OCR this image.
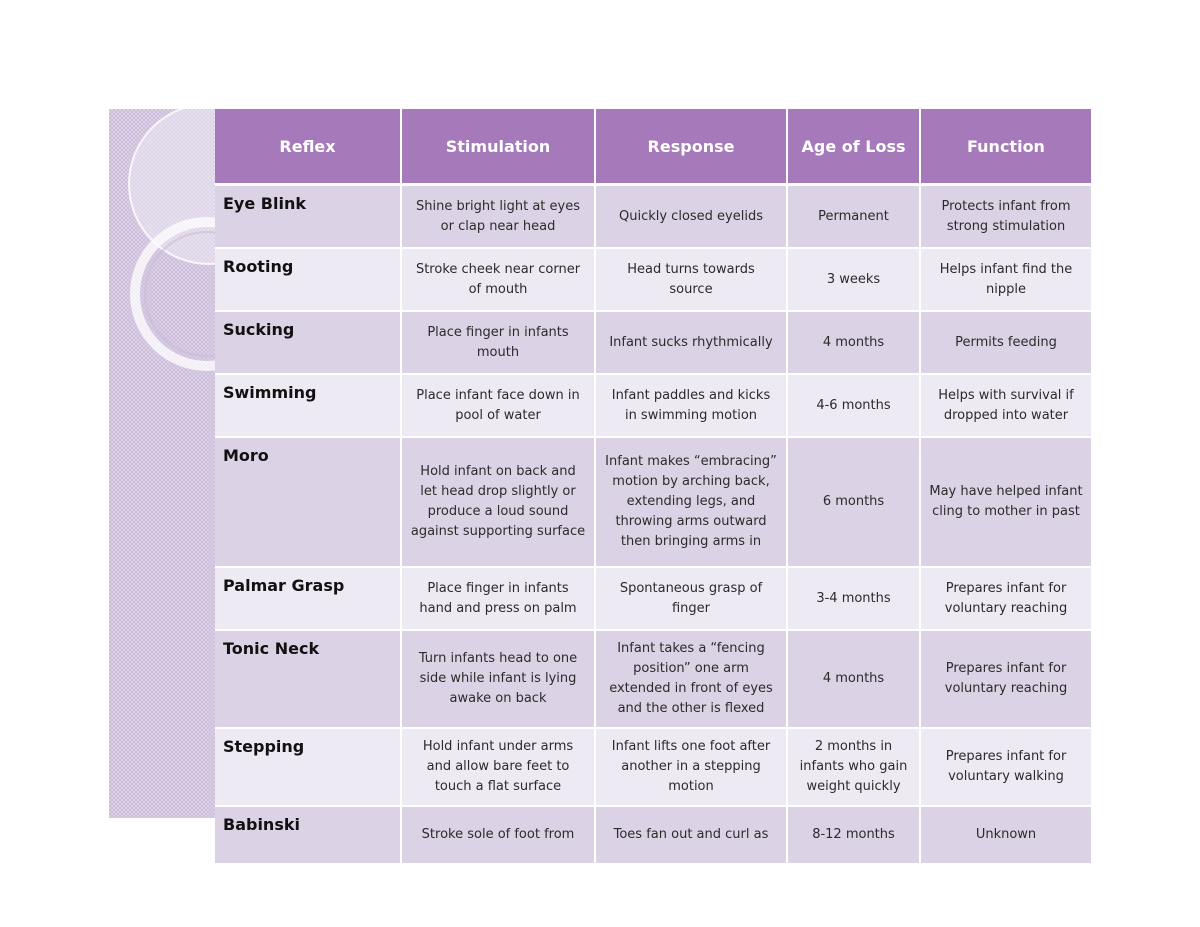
Reflex	Stimulation	Response	Age of Loss	Function
Eye Blink	Shine bright light at eyes or clap near head	Quickly closed eyelids	Permanent	Protects infant from strong stimulation
Rooting	Stroke cheek near corner of mouth	Head turns towards source	3 weeks	Helps infant find the nipple
Sucking	Place finger in infants mouth	Infant sucks rhythmically	4 months	Permits feeding
Swimming	Place infant face down in pool of water	Infant paddles and kicks in swimming motion	4-6 months	Helps with survival if dropped into water
Moro	Hold infant on back and let head drop slightly or produce a loud sound against supporting surface	Infant makes “embracing” motion by arching back, extending legs, and throwing arms outward then bringing arms in	6 months	May have helped infant cling to mother in past
Palmar Grasp	Place finger in infants hand and press on palm	Spontaneous grasp of finger	3-4 months	Prepares infant for voluntary reaching
Tonic Neck	Turn infants head to one side while infant is lying awake on back	Infant takes a “fencing position” one arm extended in front of eyes and the other is flexed	4 months	Prepares infant for voluntary reaching
Stepping	Hold infant under arms and allow bare feet to touch a flat surface	Infant lifts one foot after another in a stepping motion	2 months in infants who gain weight quickly	Prepares infant for voluntary walking
Babinski	Stroke sole of foot from	Toes fan out and curl as	8-12 months	Unknown
